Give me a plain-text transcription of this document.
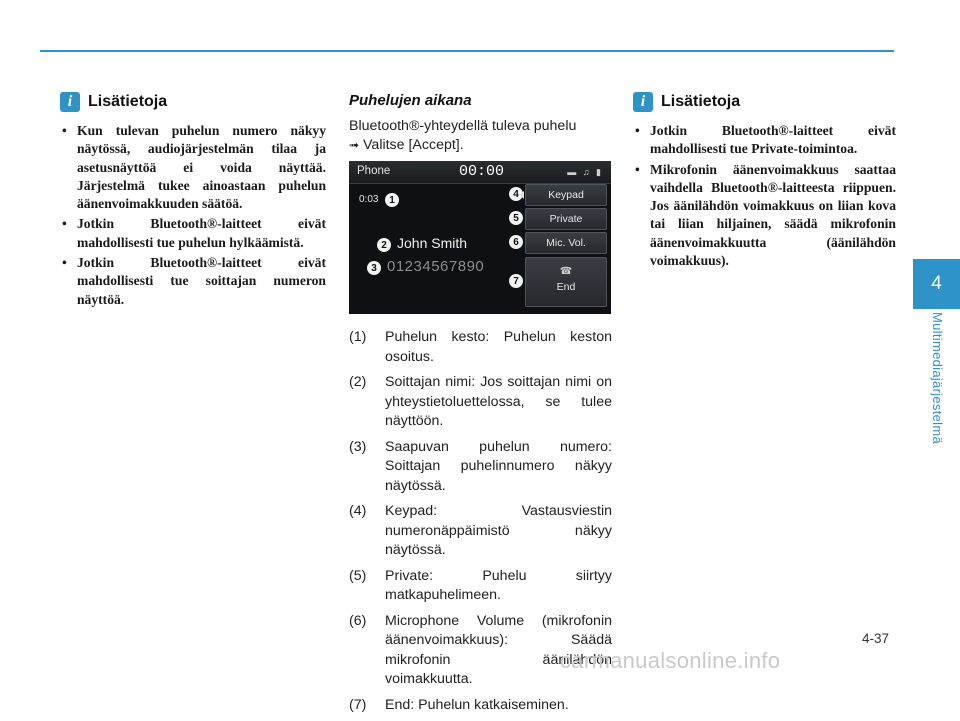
i Lisätietoja
• Kun tulevan puhelun numero näkyy näytössä, audiojärjestelmän tilaa ja asetusnäyttöä ei voida näyttää. Järjestelmä tukee ainoastaan puhelun äänenvoimakkuuden säätöä.
• Jotkin Bluetooth®-laitteet eivät mahdollisesti tue puhelun hylkäämistä.
• Jotkin Bluetooth®-laitteet eivät mahdollisesti tue soittajan numeron näyttöä.
Puhelujen aikana

Bluetooth®-yhteydellä tuleva puhelu
➟ Valitse [Accept].

Phone	00:00	▬ ♫ ▮
0:03	1
2 John Smith
3 01234567890
4	Keypad
5	Private
6	Mic. Vol.
☎
End
7
(1) Puhelun kesto: Puhelun keston osoitus.
(2) Soittajan nimi: Jos soittajan nimi on yhteystietoluettelossa, se tulee näyttöön.
(3) Saapuvan puhelun numero: Soittajan puhelinnumero näkyy näytössä.
(4) Keypad: Vastausviestin numeronäppäimistö näkyy näytössä.
(5) Private: Puhelu siirtyy matkapuhelimeen.
(6) Microphone Volume (mikrofonin äänenvoimakkuus): Säädä mikrofonin äänilähdön voimakkuutta.
(7) End: Puhelun katkaiseminen.
i Lisätietoja
• Jotkin Bluetooth®-laitteet eivät mahdollisesti tue Private-toimintoa.
• Mikrofonin äänenvoimakkuus saattaa vaihdella Bluetooth®-laitteesta riippuen. Jos äänilähdön voimakkuus on liian kova tai liian hiljainen, säädä mikrofonin äänenvoimakkuutta (äänilähdön voimakkuus).
4
Multimediajärjestelmä
4-37
carmanualsonline.info
